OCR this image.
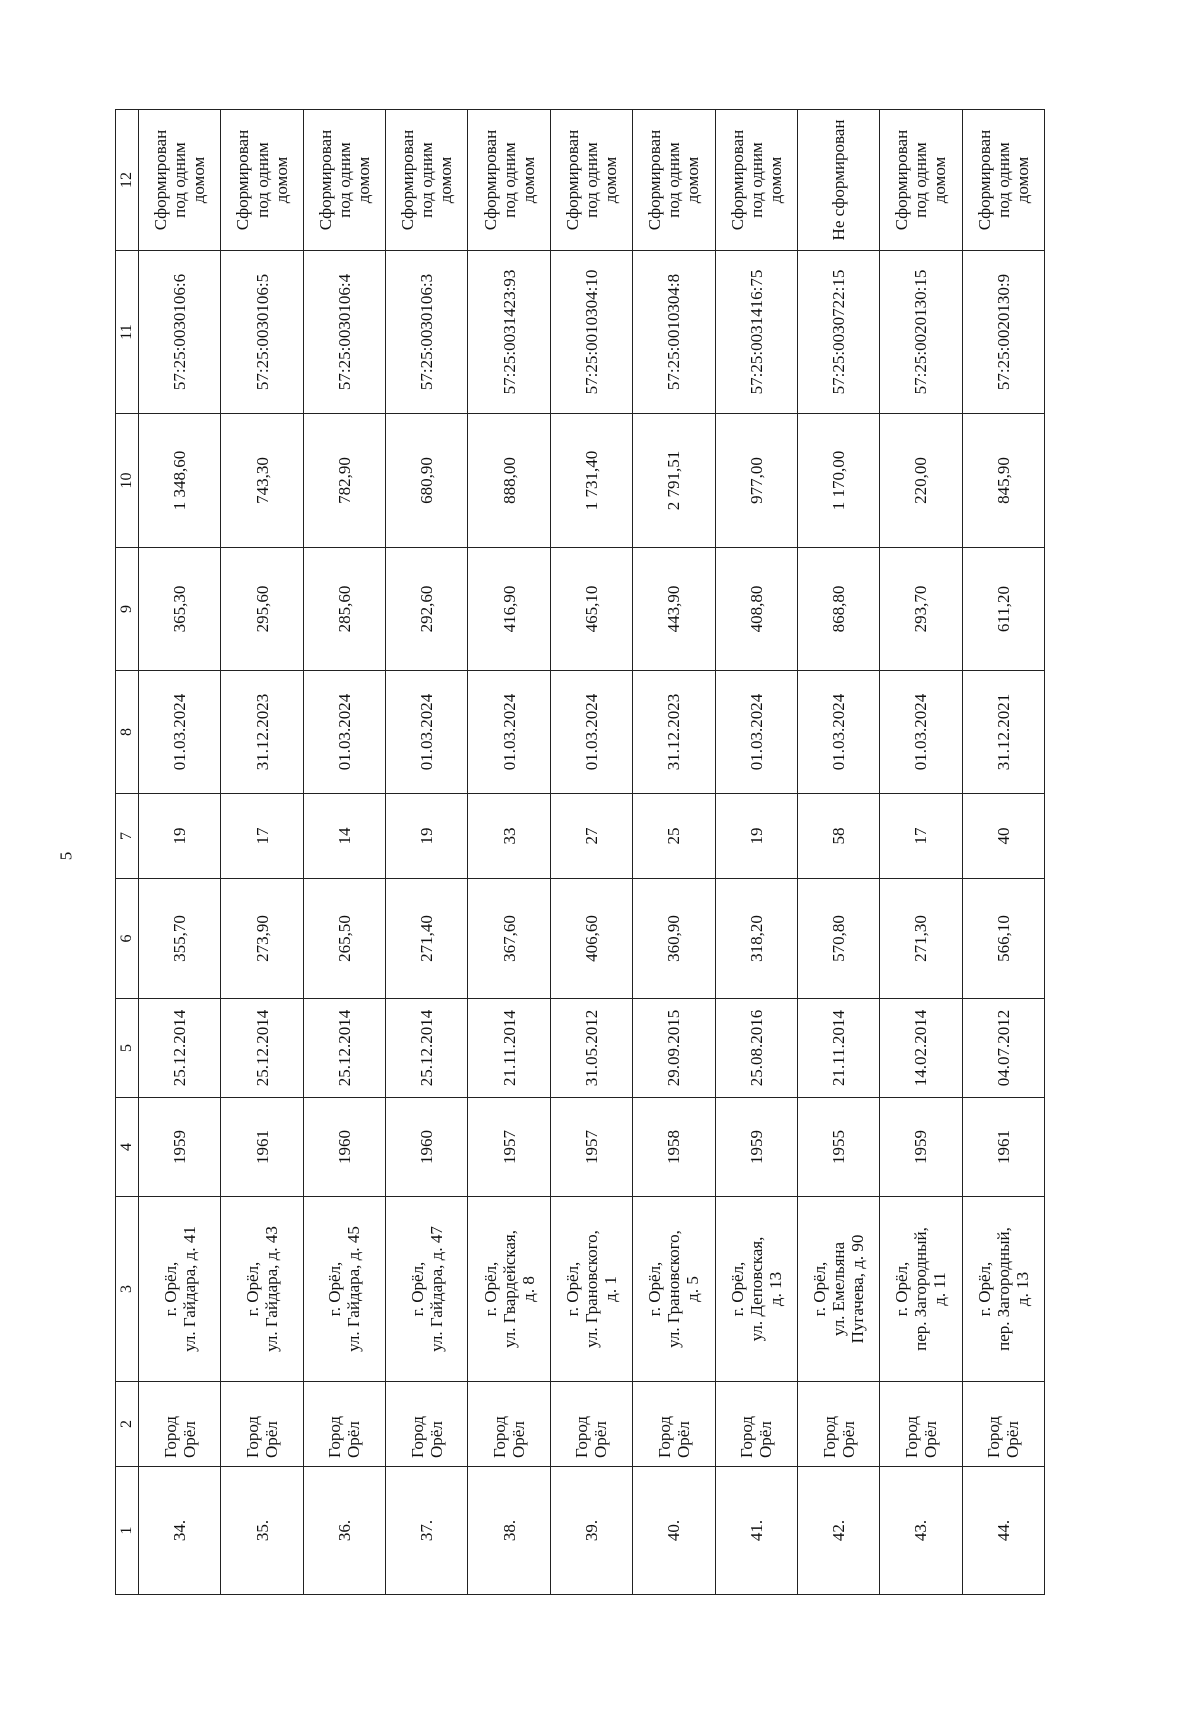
5
1	2	3	4	5	6	7	8	9	10	11	12
34.	Город Орёл	г. Орёл, ул. Гайдара, д. 41	1959	25.12.2014	355,70	19	01.03.2024	365,30	1 348,60	57:25:0030106:6	Сформирован под одним домом

35.	Город Орёл	г. Орёл, ул. Гайдара, д. 43	1961	25.12.2014	273,90	17	31.12.2023	295,60	743,30	57:25:0030106:5	Сформирован под одним домом

36.	Город Орёл	г. Орёл, ул. Гайдара, д. 45	1960	25.12.2014	265,50	14	01.03.2024	285,60	782,90	57:25:0030106:4	Сформирован под одним домом

37.	Город Орёл	г. Орёл, ул. Гайдара, д. 47	1960	25.12.2014	271,40	19	01.03.2024	292,60	680,90	57:25:0030106:3	Сформирован под одним домом

38.	Город Орёл	г. Орёл, ул. Гвардейская, д. 8	1957	21.11.2014	367,60	33	01.03.2024	416,90	888,00	57:25:0031423:93	Сформирован под одним домом

39.	Город Орёл	г. Орёл, ул. Грановского, д. 1	1957	31.05.2012	406,60	27	01.03.2024	465,10	1 731,40	57:25:0010304:10	Сформирован под одним домом

40.	Город Орёл	г. Орёл, ул. Грановского, д. 5	1958	29.09.2015	360,90	25	31.12.2023	443,90	2 791,51	57:25:0010304:8	Сформирован под одним домом

41.	Город Орёл	г. Орёл, ул. Деповская, д. 13	1959	25.08.2016	318,20	19	01.03.2024	408,80	977,00	57:25:0031416:75	Сформирован под одним домом

42.	Город Орёл	г. Орёл, ул. Емельяна Пугачева, д. 90	1955	21.11.2014	570,80	58	01.03.2024	868,80	1 170,00	57:25:0030722:15	Не сформирован

43.	Город Орёл	г. Орёл, пер. Загородный, д. 11	1959	14.02.2014	271,30	17	01.03.2024	293,70	220,00	57:25:0020130:15	Сформирован под одним домом

44.	Город Орёл	г. Орёл, пер. Загородный, д. 13	1961	04.07.2012	566,10	40	31.12.2021	611,20	845,90	57:25:0020130:9	Сформирован под одним домом
